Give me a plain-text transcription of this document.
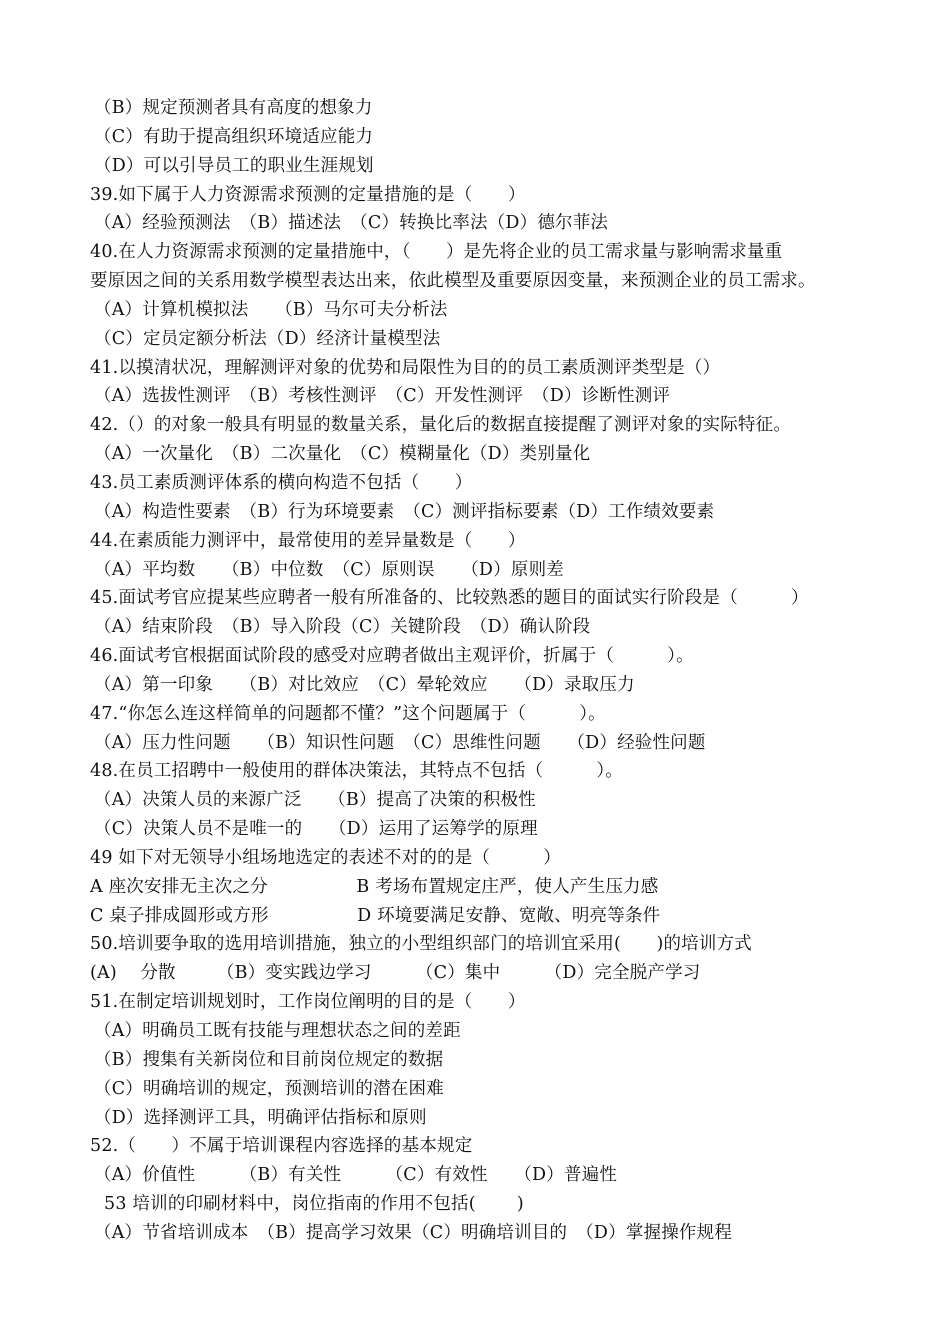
（B）规定预测者具有高度的想象力
（C）有助于提高组织环境适应能力
（D）可以引导员工的职业生涯规划
39.如下属于人力资源需求预测的定量措施的是（　　）
（A）经验预测法　（B）描述法　（C）转换比率法（D）德尔菲法
40.在人力资源需求预测的定量措施中，（　　）是先将企业的员工需求量与影响需求量重
要原因之间的关系用数学模型表达出来，依此模型及重要原因变量，来预测企业的员工需求。
（A）计算机模拟法　　（B）马尔可夫分析法
（C）定员定额分析法（D）经济计量模型法
41.以摸清状况，理解测评对象的优势和局限性为目的的员工素质测评类型是（）
（A）选拔性测评　（B）考核性测评　（C）开发性测评　（D）诊断性测评
42.（）的对象一般具有明显的数量关系，量化后的数据直接提醒了测评对象的实际特征。
（A）一次量化　（B）二次量化　（C）模糊量化（D）类别量化
43.员工素质测评体系的横向构造不包括（　　）
（A）构造性要素　（B）行为环境要素　（C）测评指标要素（D）工作绩效要素
44.在素质能力测评中，最常使用的差异量数是（　　）
（A）平均数　　（B）中位数　（C）原则误　　（D）原则差
45.面试考官应提某些应聘者一般有所准备的、比较熟悉的题目的面试实行阶段是（　　　）
（A）结束阶段　（B）导入阶段（C）关键阶段　（D）确认阶段
46.面试考官根据面试阶段的感受对应聘者做出主观评价，折属于（　　　）。
（A）第一印象　　（B）对比效应　（C）晕轮效应　　（D）录取压力
47.“你怎么连这样简单的问题都不懂？”这个问题属于（　　　）。
（A）压力性问题　　（B）知识性问题　（C）思维性问题　　（D）经验性问题
48.在员工招聘中一般使用的群体决策法，其特点不包括（　　　）。
（A）决策人员的来源广泛　　（B）提高了决策的积极性
（C）决策人员不是唯一的　　（D）运用了运筹学的原理
49 如下对无领导小组场地选定的表述不对的的是（　　　）
A 座次安排无主次之分　　　　　B 考场布置规定庄严，使人产生压力感
C 桌子排成圆形或方形　　　　　D 环境要满足安静、宽敞、明亮等条件
50.培训要争取的选用培训措施，独立的小型组织部门的培训宜采用(　　)的培训方式
(A)　 分散　　 （B）变实践边学习　　　（C）集中　　　（D）完全脱产学习
51.在制定培训规划时，工作岗位阐明的目的是（　　）
（A）明确员工既有技能与理想状态之间的差距
（B）搜集有关新岗位和目前岗位规定的数据
（C）明确培训的规定，预测培训的潜在困难
（D）选择测评工具，明确评估指标和原则
52.（　　）不属于培训课程内容选择的基本规定
（A）价值性　　　（B）有关性　　　（C）有效性　　（D）普遍性
53 培训的印刷材料中，岗位指南的作用不包括(　　 )
（A）节省培训成本　（B）提高学习效果（C）明确培训目的　（D）掌握操作规程
